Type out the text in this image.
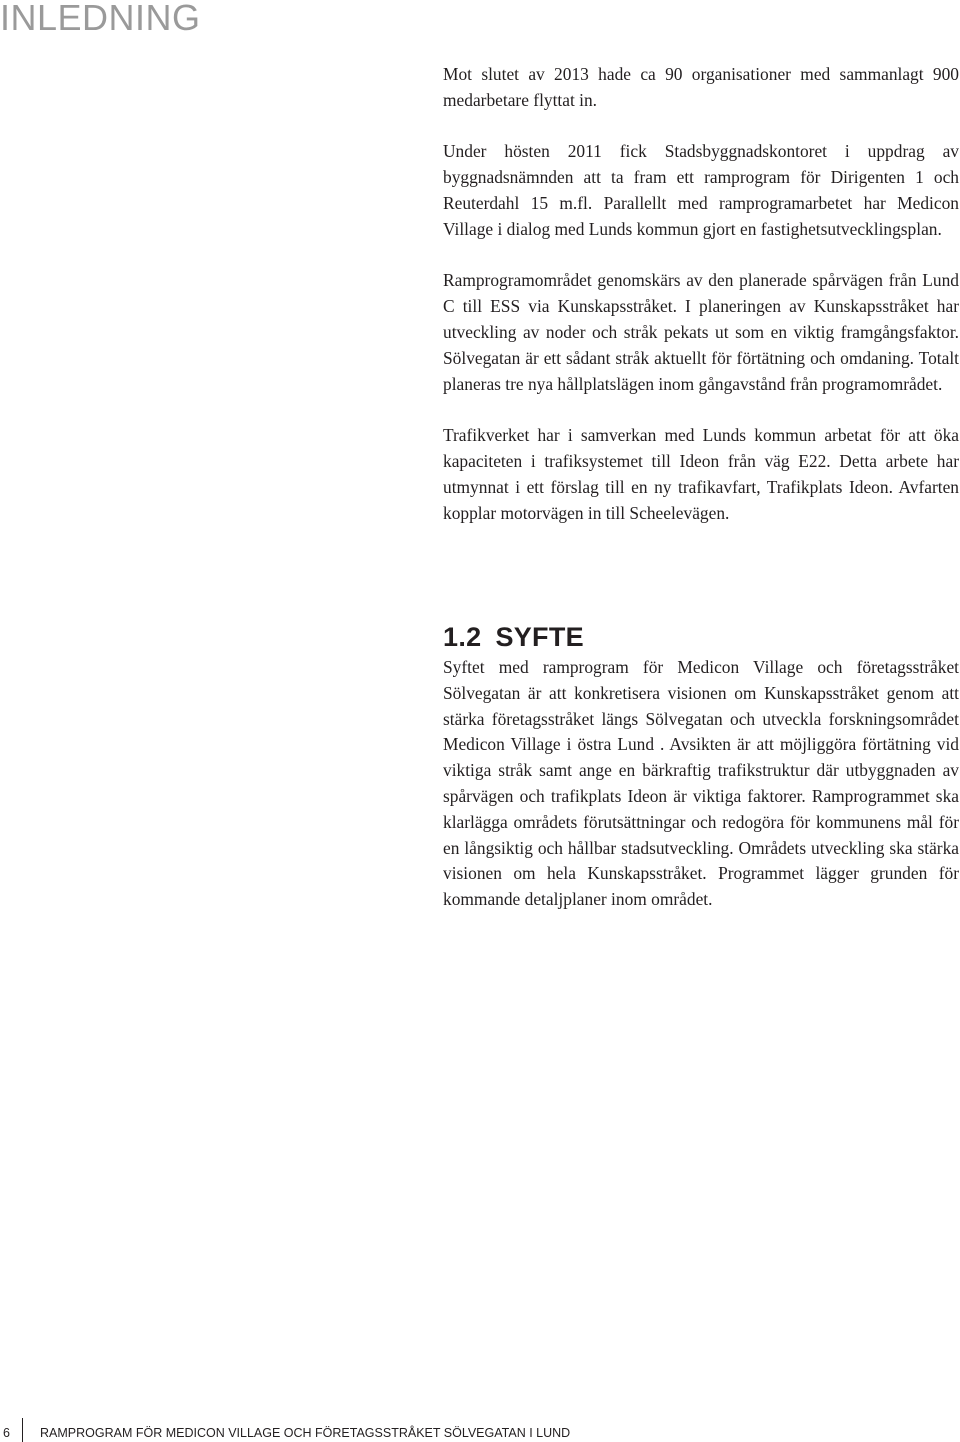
INLEDNING

Mot slutet av 2013 hade ca 90 organisationer med sammanlagt 900 medarbetare flyttat in.

Under hösten 2011 fick Stadsbyggnadskontoret i uppdrag av byggnadsnämnden att ta fram ett ramprogram för Dirigenten 1 och Reuterdahl 15 m.fl. Parallellt med ramprogramarbetet har Medicon Village i dialog med Lunds kommun gjort en fastighetsutvecklingsplan.

Ramprogramområdet genomskärs av den planerade spårvägen från Lund C till ESS via Kunskapsstråket. I planeringen av Kunskapsstråket har utveckling av noder och stråk pekats ut som en viktig framgångsfaktor. Sölvegatan är ett sådant stråk aktuellt för förtätning och omdaning. Totalt planeras tre nya hållplatslägen inom gångavstånd från programområdet.

Trafikverket har i samverkan med Lunds kommun arbetat för att öka kapaciteten i trafiksystemet till Ideon från väg E22. Detta arbete har utmynnat i ett förslag till en ny trafikavfart, Trafikplats Ideon. Avfarten kopplar motorvägen in till Scheelevägen.

1.2 SYFTE

Syftet med ramprogram för Medicon Village och företagsstråket Sölvegatan är att konkretisera visionen om Kunskapsstråket genom att stärka företagsstråket längs Sölvegatan och utveckla forskningsområdet Medicon Village i östra Lund . Avsikten är att möjliggöra förtätning vid viktiga stråk samt ange en bärkraftig trafikstruktur där utbyggnaden av spårvägen och trafikplats Ideon är viktiga faktorer. Ramprogrammet ska klarlägga områdets förutsättningar och redogöra för kommunens mål för en långsiktig och hållbar stadsutveckling. Områdets utveckling ska stärka visionen om hela Kunskapsstråket. Programmet lägger grunden för kommande detaljplaner inom området.

6 RAMPROGRAM FÖR MEDICON VILLAGE OCH FÖRETAGSSTRÅKET SÖLVEGATAN I LUND
